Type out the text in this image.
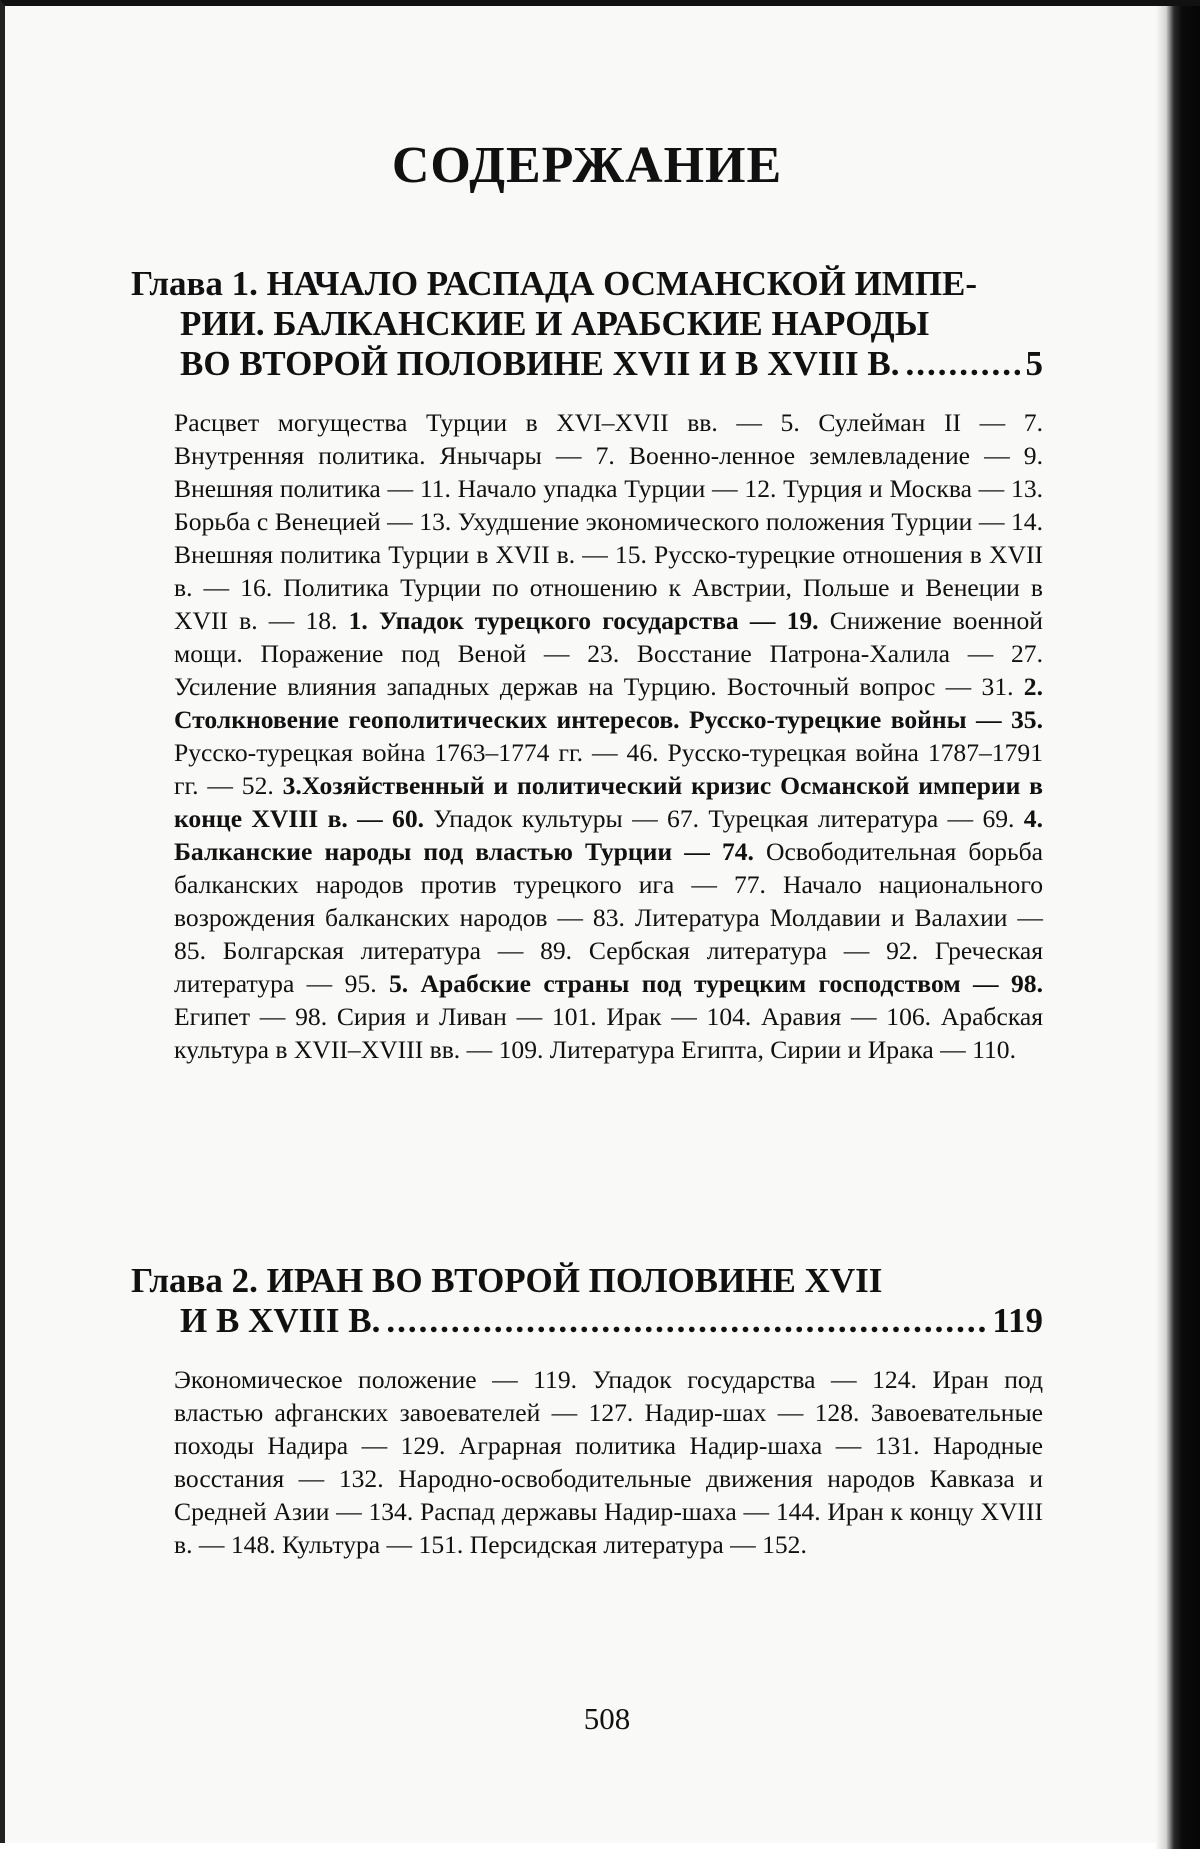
СОДЕРЖАНИЕ
Глава 1. НАЧАЛО РАСПАДА ОСМАНСКОЙ ИМПЕ-
РИИ. БАЛКАНСКИЕ И АРАБСКИЕ НАРОДЫ
ВО ВТОРОЙ ПОЛОВИНЕ XVII И В XVIII В. .....	5

Расцвет могущества Турции в XVI–XVII вв. — 5. Сулейман II — 7. Внутренняя политика. Янычары — 7. Военно-ленное землевладение — 9. Внешняя политика — 11. Начало упадка Турции — 12. Турция и Москва — 13. Борьба с Венецией — 13. Ухудшение экономического положения Турции — 14. Внешняя политика Турции в XVII в. — 15. Русско-турецкие отношения в XVII в. — 16. Политика Турции по отношению к Австрии, Польше и Венеции в XVII в. — 18. 1. Упадок турецкого государства — 19. Снижение военной мощи. Поражение под Веной — 23. Восстание Патрона-Халила — 27. Усиление влияния западных держав на Турцию. Восточный вопрос — 31. 2. Столкновение геополитических интересов. Русско-турецкие войны — 35. Русско-турецкая война 1763–1774 гг. — 46. Русско-турецкая война 1787–1791 гг. — 52. 3.Хозяйственный и политический кризис Османской империи в конце XVIII в. — 60. Упадок культуры — 67. Турецкая литература — 69. 4. Балканские народы под властью Турции — 74. Освободительная борьба балканских народов против турецкого ига — 77. Начало национального возрождения балканских народов — 83. Литература Молдавии и Валахии — 85. Болгарская литература — 89. Сербская литература — 92. Греческая литература — 95. 5. Арабские страны под турецким господством — 98. Египет — 98. Сирия и Ливан — 101. Ирак — 104. Аравия — 106. Арабская культура в XVII–XVIII вв. — 109. Литература Египта, Сирии и Ирака — 110.

Глава 2. ИРАН ВО ВТОРОЙ ПОЛОВИНЕ XVII
И В XVIII В. .....	119

Экономическое положение — 119. Упадок государства — 124. Иран под властью афганских завоевателей — 127. Надир-шах — 128. Завоевательные походы Надира — 129. Аграрная политика Надир-шаха — 131. Народные восстания — 132. Народно-освободительные движения народов Кавказа и Средней Азии — 134. Распад державы Надир-шаха — 144. Иран к концу XVIII в. — 148. Культура — 151. Персидская литература — 152.

508
